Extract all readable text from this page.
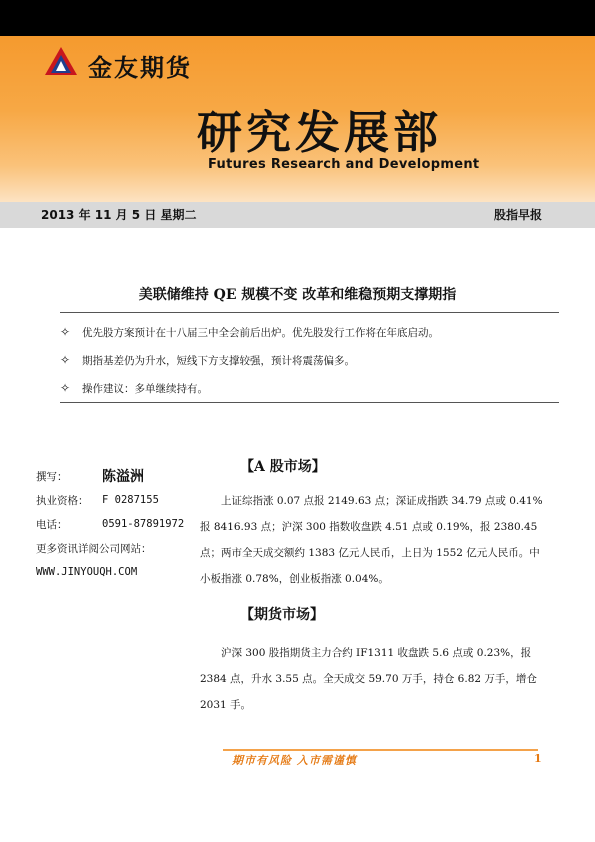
金友期货
研究发展部
Futures Research and Development
2013 年 11 月 5 日 星期二	股指早报
美联储维持 QE 规模不变 改革和维稳预期支撑期指
✧	优先股方案预计在十八届三中全会前后出炉。优先股发行工作将在年底启动。
✧	期指基差仍为升水，短线下方支撑较强，预计将震荡偏多。
✧	操作建议：多单继续持有。
撰写：	陈溢洲
执业资格：	F 0287155
电话：	0591-87891972
更多资讯详阅公司网站：
WWW.JINYOUQH.COM
【A 股市场】
上证综指涨 0.07 点报 2149.63 点；深证成指跌 34.79 点或 0.41%报 8416.93 点；沪深 300 指数收盘跌 4.51 点或 0.19%，报 2380.45 点；两市全天成交额约 1383 亿元人民币，上日为 1552 亿元人民币。中小板指涨 0.78%，创业板指涨 0.04%。
【期货市场】
沪深 300 股指期货主力合约 IF1311 收盘跌 5.6 点或 0.23%，报 2384 点，升水 3.55 点。全天成交 59.70 万手，持仓 6.82 万手，增仓 2031 手。
期市有风险 入市需谨慎	1
